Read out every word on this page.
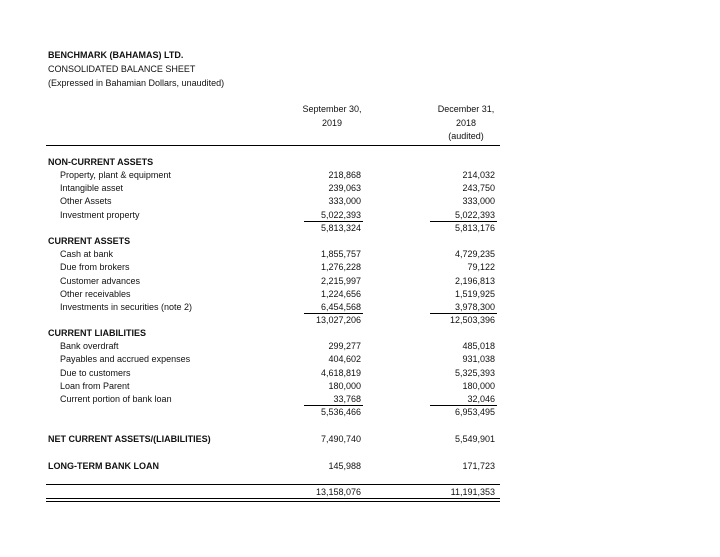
BENCHMARK (BAHAMAS) LTD.
CONSOLIDATED BALANCE SHEET
(Expressed in Bahamian Dollars, unaudited)
September 30,
2019
December 31,
2018
(audited)
NON-CURRENT ASSETS
Property, plant & equipment	218,868	214,032
Intangible asset	239,063	243,750
Other Assets	333,000	333,000
Investment property	5,022,393	5,022,393
5,813,324	5,813,176
CURRENT ASSETS
Cash at bank	1,855,757	4,729,235
Due from brokers	1,276,228	79,122
Customer advances	2,215,997	2,196,813
Other receivables	1,224,656	1,519,925
Investments in securities (note 2)	6,454,568	3,978,300
13,027,206	12,503,396
CURRENT LIABILITIES
Bank overdraft	299,277	485,018
Payables and accrued expenses	404,602	931,038
Due to customers	4,618,819	5,325,393
Loan from Parent	180,000	180,000
Current portion of bank loan	33,768	32,046
5,536,466	6,953,495
NET CURRENT ASSETS/(LIABILITIES)	7,490,740	5,549,901
LONG-TERM BANK LOAN	145,988	171,723
13,158,076	11,191,353
